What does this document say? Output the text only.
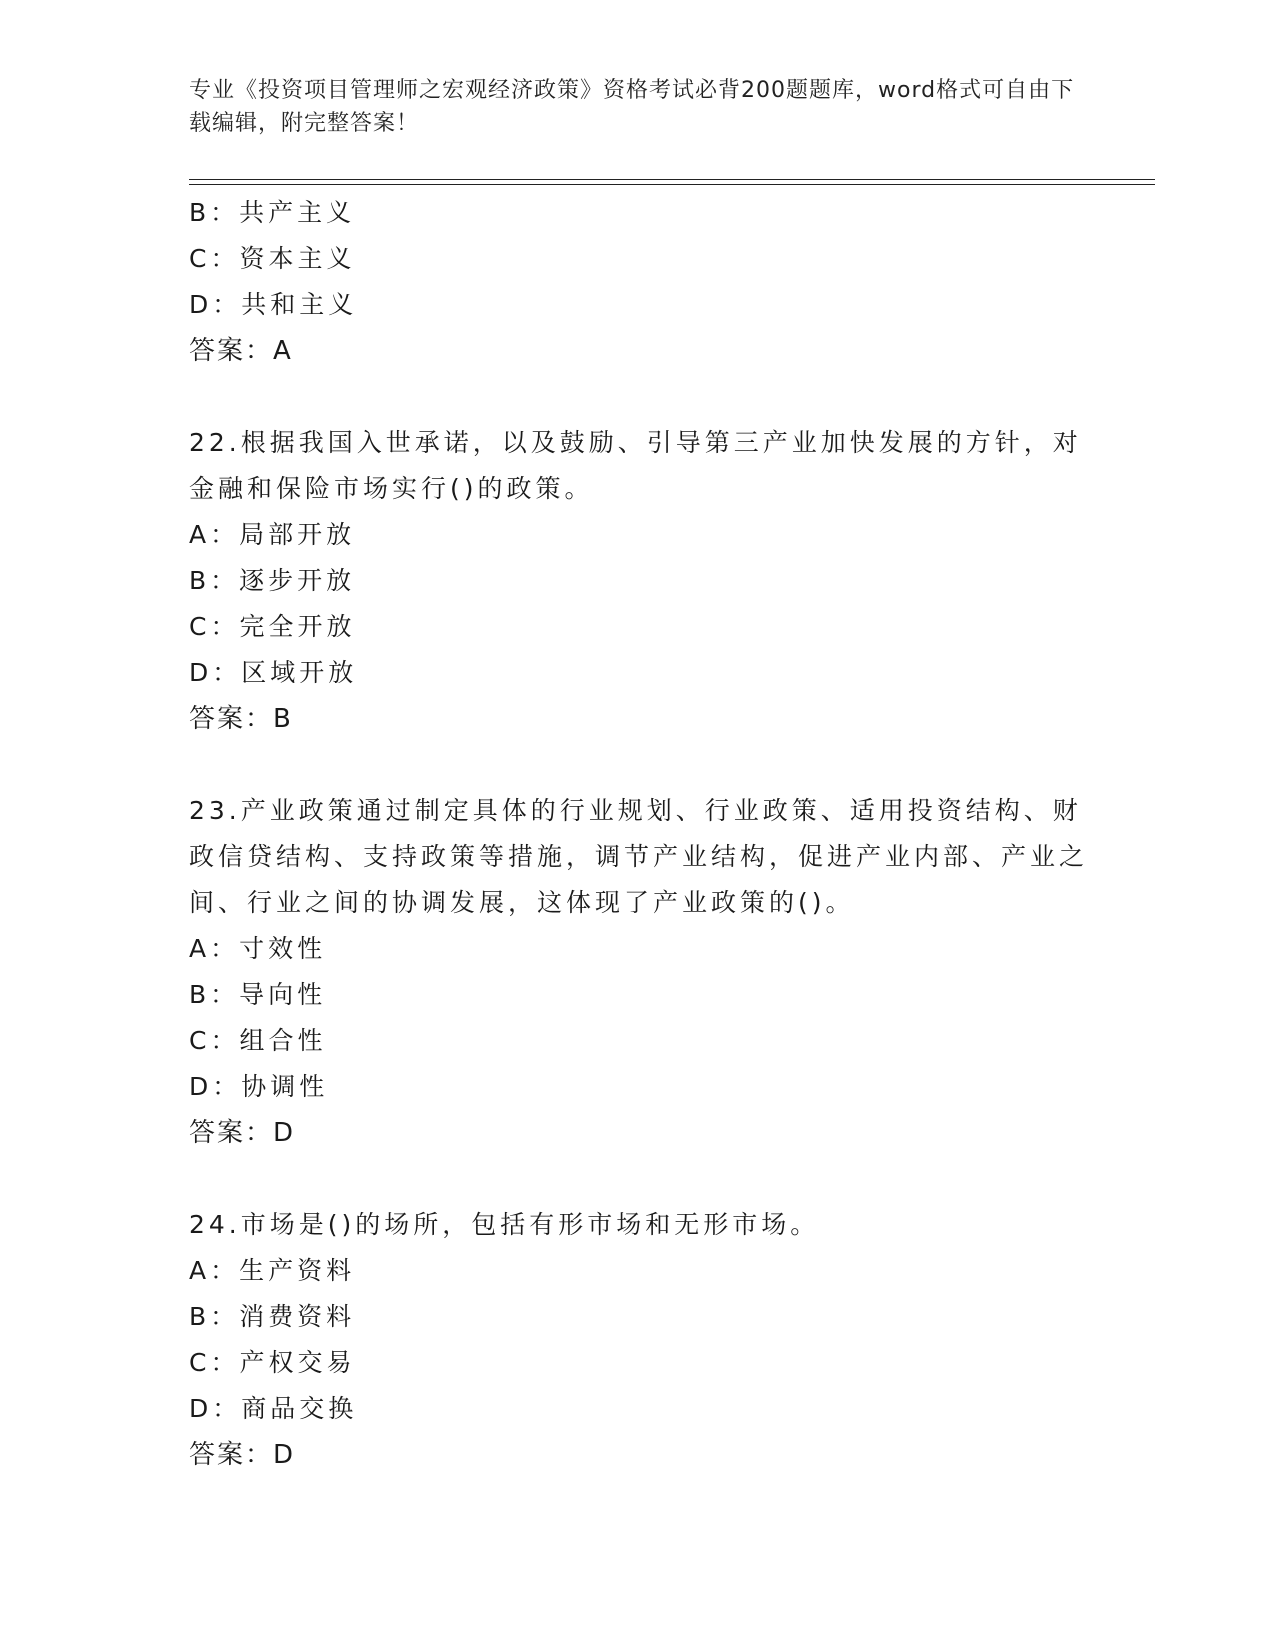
专业《投资项目管理师之宏观经济政策》资格考试必背200题题库，word格式可自由下载编辑，附完整答案！
B：共产主义
C：资本主义
D：共和主义
答案：A
22.根据我国入世承诺，以及鼓励、引导第三产业加快发展的方针，对金融和保险市场实行()的政策。
A：局部开放
B：逐步开放
C：完全开放
D：区域开放
答案：B
23.产业政策通过制定具体的行业规划、行业政策、适用投资结构、财政信贷结构、支持政策等措施，调节产业结构，促进产业内部、产业之间、行业之间的协调发展，这体现了产业政策的()。
A：寸效性
B：导向性
C：组合性
D：协调性
答案：D
24.市场是()的场所，包括有形市场和无形市场。
A：生产资料
B：消费资料
C：产权交易
D：商品交换
答案：D
